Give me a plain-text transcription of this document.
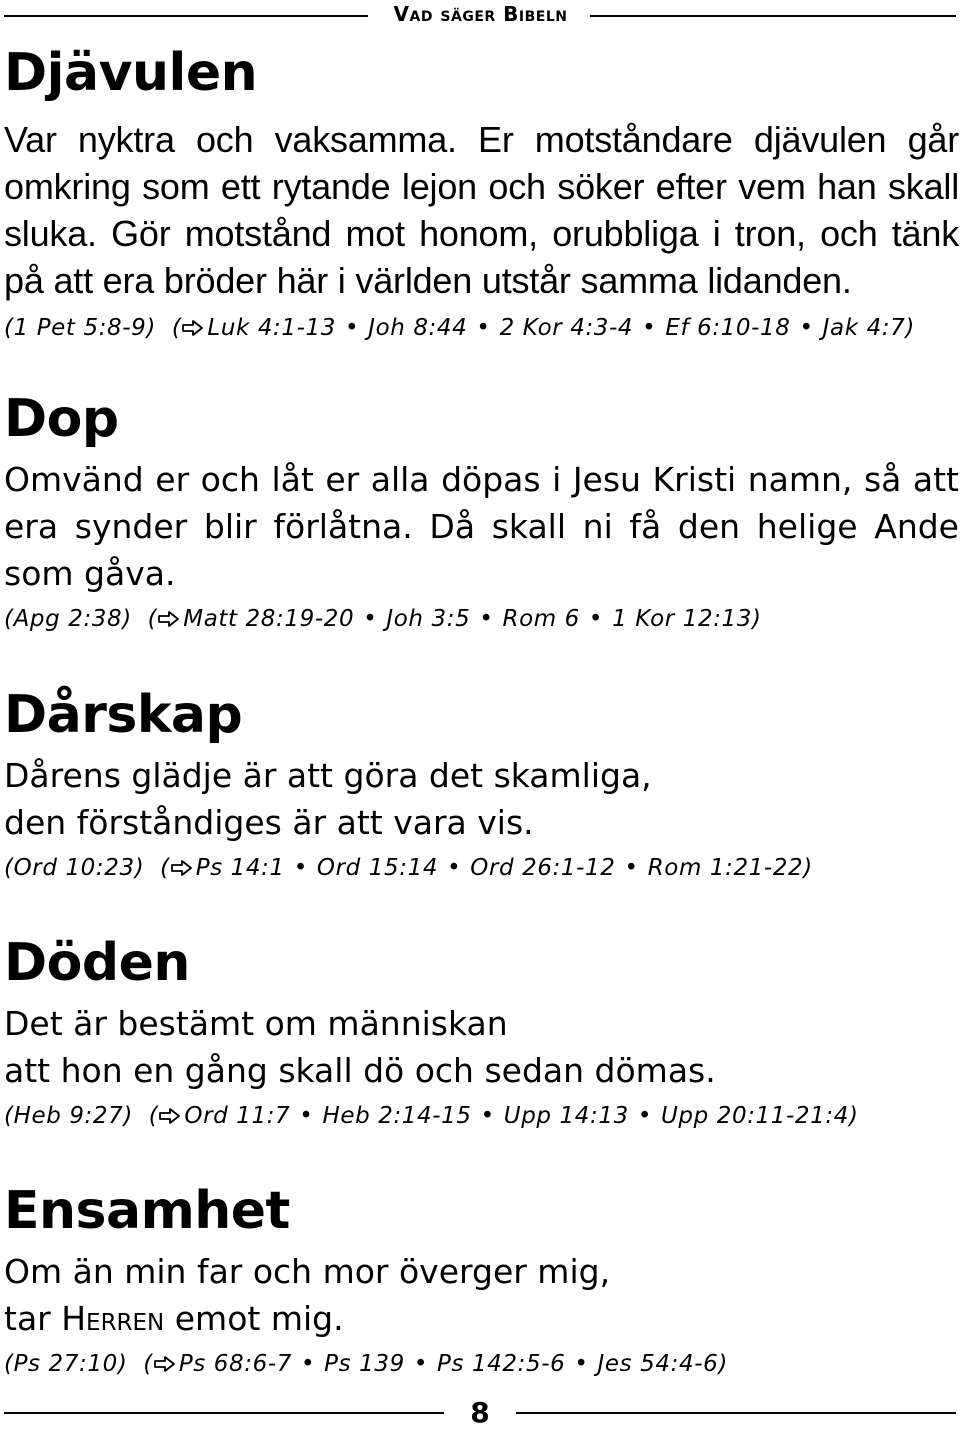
Vad säger Bibeln
Djävulen

Var nyktra och vaksamma. Er motståndare djävulen går omkring som ett rytande lejon och söker efter vem han skall sluka. Gör motstånd mot honom, orubbliga i tron, och tänk på att era bröder här i världen utstår samma lidanden.

(1 Pet 5:8-9)  ( Luk 4:1-13 • Joh 8:44 • 2 Kor 4:3-4 • Ef 6:10-18 • Jak 4:7)

Dop

Omvänd er och låt er alla döpas i Jesu Kristi namn, så att era synder blir förlåtna. Då skall ni få den helige Ande som gåva.

(Apg 2:38)  ( Matt 28:19-20 • Joh 3:5 • Rom 6 • 1 Kor 12:13)

Dårskap

Dårens glädje är att göra det skamliga,
den förståndiges är att vara vis.

(Ord 10:23)  ( Ps 14:1 • Ord 15:14 • Ord 26:1-12 • Rom 1:21-22)

Döden

Det är bestämt om människan
att hon en gång skall dö och sedan dömas.

(Heb 9:27)  ( Ord 11:7 • Heb 2:14-15 • Upp 14:13 • Upp 20:11-21:4)

Ensamhet

Om än min far och mor överger mig,
tar Herren emot mig.

(Ps 27:10)  ( Ps 68:6-7 • Ps 139 • Ps 142:5-6 • Jes 54:4-6)

8
